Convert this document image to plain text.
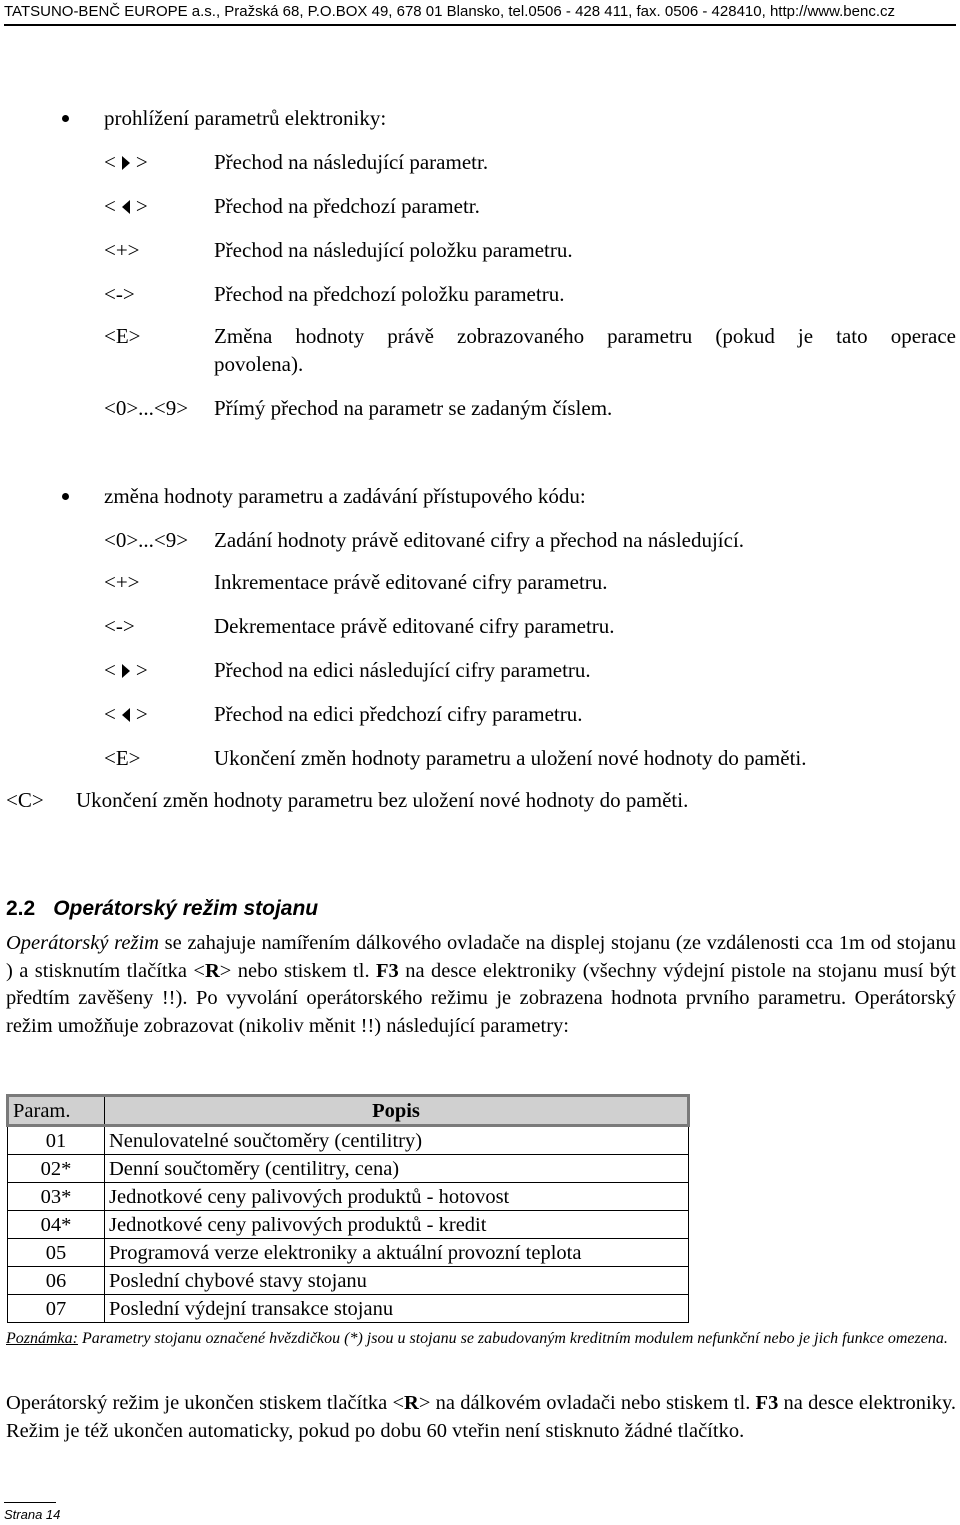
TATSUNO-BENČ EUROPE a.s., Pražská 68, P.O.BOX 49, 678 01 Blansko, tel.0506 - 428 411, fax. 0506 - 428410, http://www.benc.cz
prohlížení parametrů elektroniky:
< >	Přechod na následující parametr.
< >	Přechod na předchozí parametr.
<+>	Přechod na následující položku parametru.
<->	Přechod na předchozí položku parametru.
<E>	Změna hodnoty právě zobrazovaného parametru (pokud je tato operace
povolena).
<0>...<9> Přímý přechod na parametr se zadaným číslem.
změna hodnoty parametru a zadávání přístupového kódu:
<0>...<9> Zadání hodnoty právě editované cifry a přechod na následující.
<+>	Inkrementace právě editované cifry parametru.
<->	Dekrementace právě editované cifry parametru.
< >	Přechod na edici následující cifry parametru.
< >	Přechod na edici předchozí cifry parametru.
<E>	Ukončení změn hodnoty parametru a uložení nové hodnoty do paměti.
<C> Ukončení změn hodnoty parametru bez uložení nové hodnoty do paměti.
2.2 Operátorský režim stojanu
Operátorský režim se zahajuje namířením dálkového ovladače na displej stojanu (ze vzdálenosti cca 1m od stojanu ) a stisknutím tlačítka <R> nebo stiskem tl. F3 na desce elektroniky (všechny výdejní pistole na stojanu musí být předtím zavěšeny !!). Po vyvolání operátorského režimu je zobrazena hodnota prvního parametru. Operátorský režim umožňuje zobrazovat (nikoliv měnit !!) následující parametry:
Param.	Popis
01	Nenulovatelné součtoměry (centilitry)
02*	Denní součtoměry (centilitry, cena)
03*	Jednotkové ceny palivových produktů - hotovost
04*	Jednotkové ceny palivových produktů - kredit
05	Programová verze elektroniky a aktuální provozní teplota
06	Poslední chybové stavy stojanu
07	Poslední výdejní transakce stojanu
Poznámka: Parametry stojanu označené hvězdičkou (*) jsou u stojanu se zabudovaným kreditním modulem nefunkční nebo je jich funkce omezena.
Operátorský režim je ukončen stiskem tlačítka <R> na dálkovém ovladači nebo stiskem tl. F3 na desce elektroniky. Režim je též ukončen automaticky, pokud po dobu 60 vteřin není stisknuto žádné tlačítko.
Strana 14
